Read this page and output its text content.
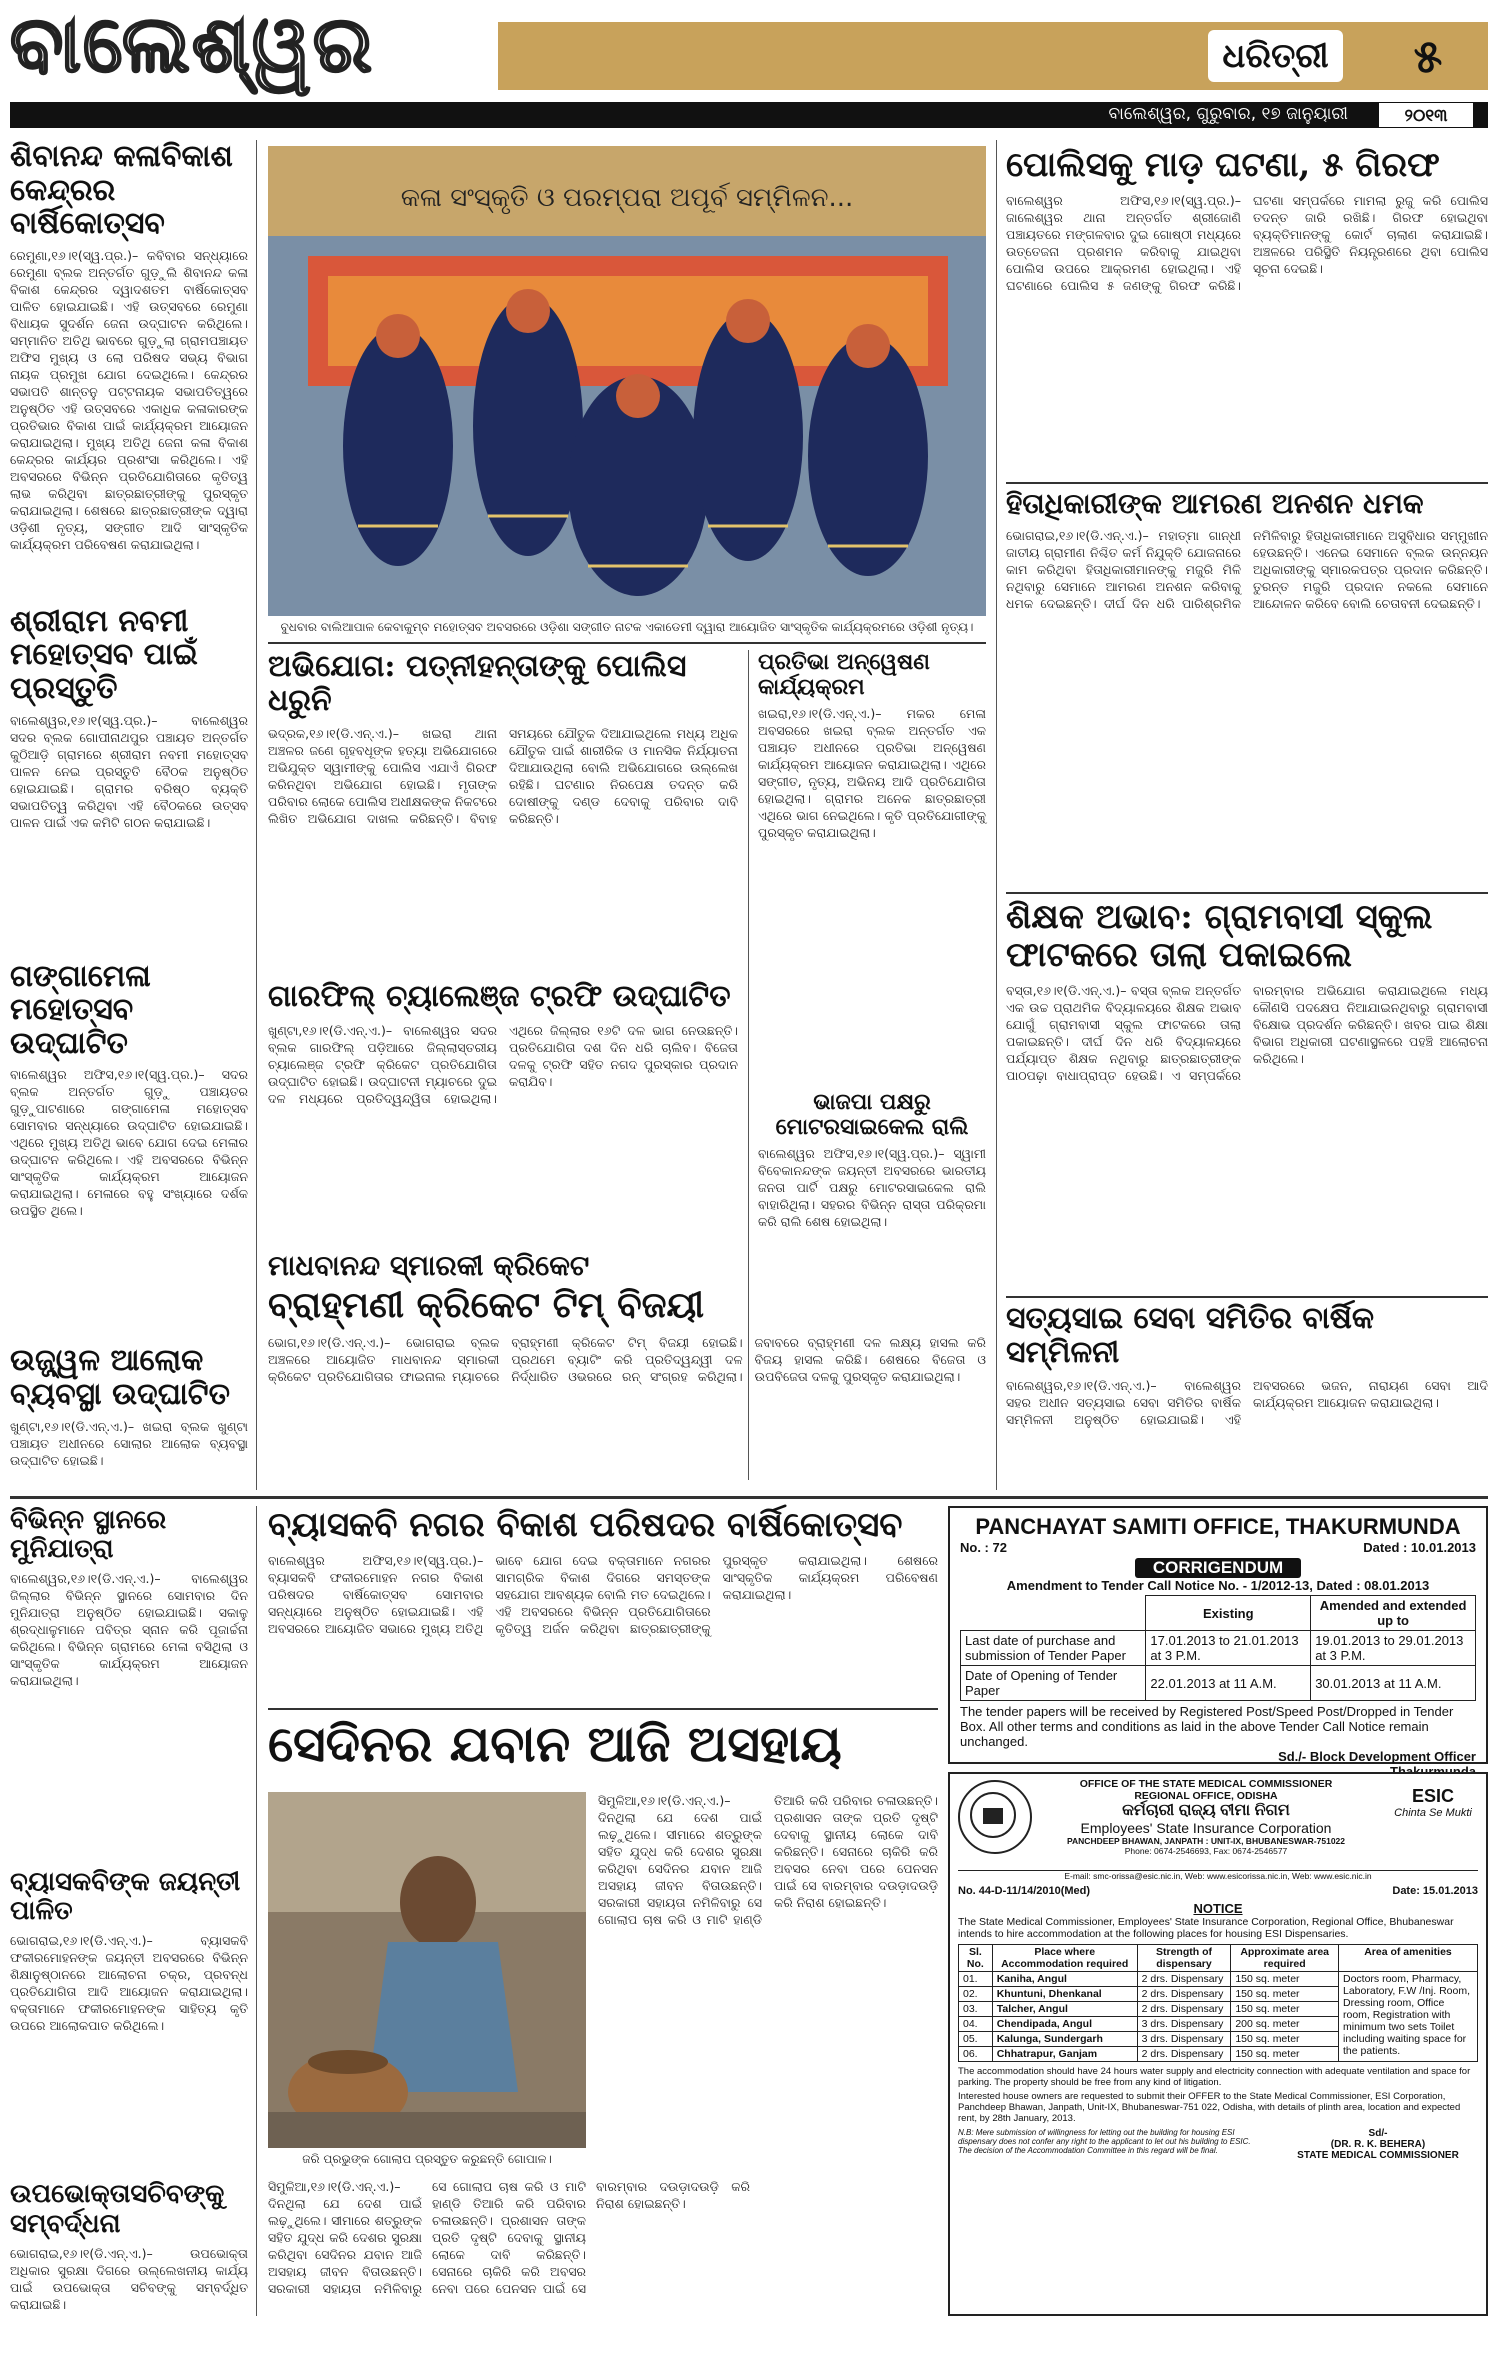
ବାଲେଶ୍ୱର	ଧରିତ୍ରୀ	୫
ବାଲେଶ୍ୱର, ଗୁରୁବାର, ୧୭ ଜାନୁୟାରୀ	୨୦୧୩
ଶିବାନନ୍ଦ କଳାବିକାଶ କେନ୍ଦ୍ରର ବାର୍ଷିକୋତ୍ସବ
ରେମୁଣା,୧୬।୧(ସ୍ୱ.ପ୍ର.)– କବିବାର ସନ୍ଧ୍ୟାରେ ରେମୁଣା ବ୍ଲକ ଅନ୍ତର୍ଗତ ଗୁଡ଼ୁଲି ଶିବାନନ୍ଦ କଳା ବିକାଶ କେନ୍ଦ୍ରର ଦ୍ୱାଦଶତମ ବାର୍ଷିକୋତ୍ସବ ପାଳିତ ହୋଇଯାଇଛି। ଏହି ଉତ୍ସବରେ ରେମୁଣା ବିଧାୟକ ସୁଦର୍ଶନ ଜେନା ଉଦ୍‌ଘାଟନ କରିଥିଲେ। ସମ୍ମାନିତ ଅତିଥି ଭାବରେ ଗୁଡ଼ୁଲା ଗ୍ରାମପଞ୍ଚାୟତ ଅଫିସ ମୁଖ୍ୟ ଓ ଲୋ ପରିଷଦ ସଭ୍ୟ ବିଭାଗ ନାୟକ ପ୍ରମୁଖ ଯୋଗ ଦେଇଥିଲେ। କେନ୍ଦ୍ରର ସଭାପତି ଶାନ୍ତନୁ ପଟ୍ଟନାୟକ ସଭାପତିତ୍ୱରେ ଅନୁଷ୍ଠିତ ଏହି ଉତ୍ସବରେ ଏକାଧିକ କଳାକାରଙ୍କ ପ୍ରତିଭାର ବିକାଶ ପାଇଁ କାର୍ଯ୍ୟକ୍ରମ ଆୟୋଜନ କରାଯାଇଥିଲା। ମୁଖ୍ୟ ଅତିଥି ଜେନା କଳା ବିକାଶ କେନ୍ଦ୍ରର କାର୍ଯ୍ୟର ପ୍ରଶଂସା କରିଥିଲେ। ଏହି ଅବସରରେ ବିଭିନ୍ନ ପ୍ରତିଯୋଗିତାରେ କୃତିତ୍ୱ ଲାଭ କରିଥିବା ଛାତ୍ରଛାତ୍ରୀଙ୍କୁ ପୁରସ୍କୃତ କରାଯାଇଥିଲା। ଶେଷରେ ଛାତ୍ରଛାତ୍ରୀଙ୍କ ଦ୍ୱାରା ଓଡ଼ିଶୀ ନୃତ୍ୟ, ସଙ୍ଗୀତ ଆଦି ସାଂସ୍କୃତିକ କାର୍ଯ୍ୟକ୍ରମ ପରିବେଷଣ କରାଯାଇଥିଲା।
ଶ୍ରୀରାମ ନବମୀ ମହୋତ୍ସବ ପାଇଁ ପ୍ରସ୍ତୁତି
ବାଲେଶ୍ୱର,୧୬।୧(ସ୍ୱ.ପ୍ର.)– ବାଲେଶ୍ୱର ସଦର ବ୍ଲକ ଗୋପୀନାଥପୁର ପଞ୍ଚାୟତ ଅନ୍ତର୍ଗତ କୁଠିଆଡ଼ି ଗ୍ରାମରେ ଶ୍ରୀରାମ ନବମୀ ମହୋତ୍ସବ ପାଳନ ନେଇ ପ୍ରସ୍ତୁତି ବୈଠକ ଅନୁଷ୍ଠିତ ହୋଇଯାଇଛି। ଗ୍ରାମର ବରିଷ୍ଠ ବ୍ୟକ୍ତି ସଭାପତିତ୍ୱ କରିଥିବା ଏହି ବୈଠକରେ ଉତ୍ସବ ପାଳନ ପାଇଁ ଏକ କମିଟି ଗଠନ କରାଯାଇଛି।
ଗଙ୍ଗାମେଳା ମହୋତ୍ସବ ଉଦ୍‌ଘାଟିତ
ବାଲେଶ୍ୱର ଅଫିସ,୧୬।୧(ସ୍ୱ.ପ୍ର.)– ସଦର ବ୍ଲକ ଅନ୍ତର୍ଗତ ଗୁଡ଼ୁ ପଞ୍ଚାୟତର ଗୁଡ଼ୁପାଟଣାରେ ଗଙ୍ଗାମେଳା ମହୋତ୍ସବ ସୋମବାର ସନ୍ଧ୍ୟାରେ ଉଦ୍‌ଘାଟିତ ହୋଇଯାଇଛି। ଏଥିରେ ମୁଖ୍ୟ ଅତିଥି ଭାବେ ଯୋଗ ଦେଇ ମେଳାର ଉଦ୍‌ଘାଟନ କରିଥିଲେ। ଏହି ଅବସରରେ ବିଭିନ୍ନ ସାଂସ୍କୃତିକ କାର୍ଯ୍ୟକ୍ରମ ଆୟୋଜନ କରାଯାଇଥିଲା। ମେଳାରେ ବହୁ ସଂଖ୍ୟାରେ ଦର୍ଶକ ଉପସ୍ଥିତ ଥିଲେ।
ଉଜ୍ଜ୍ୱଳ ଆଲୋକ ବ୍ୟବସ୍ଥା ଉଦ୍‌ଘାଟିତ
ଖୁଣ୍ଟା,୧୬।୧(ଡି.ଏନ୍‌.ଏ.)– ଖଇରା ବ୍ଲକ ଖୁଣ୍ଟା ପଞ୍ଚାୟତ ଅଧୀନରେ ସୋଲାର ଆଲୋକ ବ୍ୟବସ୍ଥା ଉଦ୍‌ଘାଟିତ ହୋଇଛି।
କଳା ସଂସ୍କୃତି ଓ ପରମ୍ପରା ଅପୂର୍ବ ସମ୍ମିଳନ...
ବୁଧବାର ବାଲିଆପାଳ କେବାକୁମ୍ବ ମହୋତ୍ସବ ଅବସରରେ ଓଡ଼ିଶା ସଙ୍ଗୀତ ନାଟକ ଏକାଡେମୀ ଦ୍ୱାରା ଆୟୋଜିତ ସାଂସ୍କୃତିକ କାର୍ଯ୍ୟକ୍ରମରେ ଓଡ଼ିଶୀ ନୃତ୍ୟ।
ଅଭିଯୋଗ: ପତ୍ନୀହନ୍ତାଙ୍କୁ ପୋଲିସ ଧରୁନି
ଭଦ୍ରକ,୧୬।୧(ଡି.ଏନ୍‌.ଏ.)– ଖଇରା ଥାନା ଅଞ୍ଚଳର ଜଣେ ଗୃହବଧୂଙ୍କ ହତ୍ୟା ଅଭିଯୋଗରେ ଅଭିଯୁକ୍ତ ସ୍ୱାମୀଙ୍କୁ ପୋଲିସ ଏଯାଏଁ ଗିରଫ କରିନଥିବା ଅଭିଯୋଗ ହୋଇଛି। ମୃତାଙ୍କ ପରିବାର ଲୋକେ ପୋଲିସ ଅଧୀକ୍ଷକଙ୍କ ନିକଟରେ ଲିଖିତ ଅଭିଯୋଗ ଦାଖଲ କରିଛନ୍ତି। ବିବାହ ସମୟରେ ଯୌତୁକ ଦିଆଯାଇଥିଲେ ମଧ୍ୟ ଅଧିକ ଯୌତୁକ ପାଇଁ ଶାରୀରିକ ଓ ମାନସିକ ନିର୍ଯ୍ୟାତନା ଦିଆଯାଉଥିଲା ବୋଲି ଅଭିଯୋଗରେ ଉଲ୍ଲେଖ ରହିଛି। ଘଟଣାର ନିରପେକ୍ଷ ତଦନ୍ତ କରି ଦୋଷୀଙ୍କୁ ଦଣ୍ଡ ଦେବାକୁ ପରିବାର ଦାବି କରିଛନ୍ତି।
ପ୍ରତିଭା ଅନ୍ୱେଷଣ କାର୍ଯ୍ୟକ୍ରମ
ଖଇରା,୧୬।୧(ଡି.ଏନ୍‌.ଏ.)– ମକର ମେଳା ଅବସରରେ ଖଇରା ବ୍ଲକ ଅନ୍ତର୍ଗତ ଏକ ପଞ୍ଚାୟତ ଅଧୀନରେ ପ୍ରତିଭା ଅନ୍ୱେଷଣ କାର୍ଯ୍ୟକ୍ରମ ଆୟୋଜନ କରାଯାଇଥିଲା। ଏଥିରେ ସଙ୍ଗୀତ, ନୃତ୍ୟ, ଅଭିନୟ ଆଦି ପ୍ରତିଯୋଗିତା ହୋଇଥିଲା। ଗ୍ରାମର ଅନେକ ଛାତ୍ରଛାତ୍ରୀ ଏଥିରେ ଭାଗ ନେଇଥିଲେ। କୃତି ପ୍ରତିଯୋଗୀଙ୍କୁ ପୁରସ୍କୃତ କରାଯାଇଥିଲା।
ଗାରଫିଲ୍ ଚ୍ୟାଲେଞ୍ଜ ଟ୍ରଫି ଉଦ୍‌ଘାଟିତ
ଖୁଣ୍ଟା,୧୬।୧(ଡି.ଏନ୍‌.ଏ.)– ବାଲେଶ୍ୱର ସଦର ବ୍ଲକ ଗାରଫିଲ୍ ପଡ଼ିଆରେ ଜିଲ୍ଲାସ୍ତରୀୟ ଚ୍ୟାଲେଞ୍ଜ ଟ୍ରଫି କ୍ରିକେଟ ପ୍ରତିଯୋଗିତା ଉଦ୍‌ଘାଟିତ ହୋଇଛି। ଉଦ୍‌ଘାଟନୀ ମ୍ୟାଚରେ ଦୁଇ ଦଳ ମଧ୍ୟରେ ପ୍ରତିଦ୍ୱନ୍ଦ୍ୱିତା ହୋଇଥିଲା। ଏଥିରେ ଜିଲ୍ଲାର ୧୬ଟି ଦଳ ଭାଗ ନେଉଛନ୍ତି। ପ୍ରତିଯୋଗିତା ଦଶ ଦିନ ଧରି ଚାଲିବ। ବିଜେତା ଦଳକୁ ଟ୍ରଫି ସହିତ ନଗଦ ପୁରସ୍କାର ପ୍ରଦାନ କରାଯିବ।
ଭାଜପା ପକ୍ଷରୁ ମୋଟରସାଇକେଲ ରାଲି
ବାଲେଶ୍ୱର ଅଫିସ,୧୬।୧(ସ୍ୱ.ପ୍ର.)– ସ୍ୱାମୀ ବିବେକାନନ୍ଦଙ୍କ ଜୟନ୍ତୀ ଅବସରରେ ଭାରତୀୟ ଜନତା ପାର୍ଟି ପକ୍ଷରୁ ମୋଟରସାଇକେଲ ରାଲି ବାହାରିଥିଲା। ସହରର ବିଭିନ୍ନ ରାସ୍ତା ପରିକ୍ରମା କରି ରାଲି ଶେଷ ହୋଇଥିଲା।
ମାଧବାନନ୍ଦ ସ୍ମାରକୀ କ୍ରିକେଟ
ବ୍ରାହ୍ମଣୀ କ୍ରିକେଟ ଟିମ୍ ବିଜୟୀ
ଭୋଗ,୧୬।୧(ଡି.ଏନ୍‌.ଏ.)– ଭୋଗରାଇ ବ୍ଲକ ଅଞ୍ଚଳରେ ଆୟୋଜିତ ମାଧବାନନ୍ଦ ସ୍ମାରକୀ କ୍ରିକେଟ ପ୍ରତିଯୋଗିତାର ଫାଇନାଲ ମ୍ୟାଚରେ ବ୍ରାହ୍ମଣୀ କ୍ରିକେଟ ଟିମ୍ ବିଜୟୀ ହୋଇଛି। ପ୍ରଥମେ ବ୍ୟାଟିଂ କରି ପ୍ରତିଦ୍ୱନ୍ଦ୍ୱୀ ଦଳ ନିର୍ଦ୍ଧାରିତ ଓଭରରେ ରନ୍ ସଂଗ୍ରହ କରିଥିଲା। ଜବାବରେ ବ୍ରାହ୍ମଣୀ ଦଳ ଲକ୍ଷ୍ୟ ହାସଲ କରି ବିଜୟ ହାସଲ କରିଛି। ଶେଷରେ ବିଜେତା ଓ ଉପବିଜେତା ଦଳକୁ ପୁରସ୍କୃତ କରାଯାଇଥିଲା।
ପୋଲିସକୁ ମାଡ଼ ଘଟଣା, ୫ ଗିରଫ
ବାଲେଶ୍ୱର ଅଫିସ,୧୬।୧(ସ୍ୱ.ପ୍ର.)– ଜାଲେଶ୍ୱର ଥାନା ଅନ୍ତର୍ଗତ ଶ୍ରୀଜୋଣି ପଞ୍ଚାୟତରେ ମଙ୍ଗଳବାର ଦୁଇ ଗୋଷ୍ଠୀ ମଧ୍ୟରେ ଉତ୍ତେଜନା ପ୍ରଶମନ କରିବାକୁ ଯାଇଥିବା ପୋଲିସ ଉପରେ ଆକ୍ରମଣ ହୋଇଥିଲା। ଏହି ଘଟଣାରେ ପୋଲିସ ୫ ଜଣଙ୍କୁ ଗିରଫ କରିଛି। ଘଟଣା ସମ୍ପର୍କରେ ମାମଲା ରୁଜୁ କରି ପୋଲିସ ତଦନ୍ତ ଜାରି ରଖିଛି। ଗିରଫ ହୋଇଥିବା ବ୍ୟକ୍ତିମାନଙ୍କୁ କୋର୍ଟ ଚାଲାଣ କରାଯାଇଛି। ଅଞ୍ଚଳରେ ପରିସ୍ଥିତି ନିୟନ୍ତ୍ରଣରେ ଥିବା ପୋଲିସ ସୂଚନା ଦେଇଛି।
ହିତାଧିକାରୀଙ୍କ ଆମରଣ ଅନଶନ ଧମକ
ଭୋଗରାଇ,୧୬।୧(ଡି.ଏନ୍‌.ଏ.)– ମହାତ୍ମା ଗାନ୍ଧୀ ଜାତୀୟ ଗ୍ରାମୀଣ ନିଶ୍ଚିତ କର୍ମ ନିଯୁକ୍ତି ଯୋଜନାରେ କାମ କରିଥିବା ହିତାଧିକାରୀମାନଙ୍କୁ ମଜୁରି ମିଳି ନଥିବାରୁ ସେମାନେ ଆମରଣ ଅନଶନ କରିବାକୁ ଧମକ ଦେଇଛନ୍ତି। ଦୀର୍ଘ ଦିନ ଧରି ପାରିଶ୍ରମିକ ନମିଳିବାରୁ ହିତାଧିକାରୀମାନେ ଅସୁବିଧାର ସମ୍ମୁଖୀନ ହେଉଛନ୍ତି। ଏନେଇ ସେମାନେ ବ୍ଲକ ଉନ୍ନୟନ ଅଧିକାରୀଙ୍କୁ ସ୍ମାରକପତ୍ର ପ୍ରଦାନ କରିଛନ୍ତି। ତୁରନ୍ତ ମଜୁରି ପ୍ରଦାନ ନକଲେ ସେମାନେ ଆନ୍ଦୋଳନ କରିବେ ବୋଲି ଚେତାବନୀ ଦେଇଛନ୍ତି।
ଶିକ୍ଷକ ଅଭାବ: ଗ୍ରାମବାସୀ ସ୍କୁଲ ଫାଟକରେ ତାଲା ପକାଇଲେ
ବସ୍ତା,୧୬।୧(ଡି.ଏନ୍‌.ଏ.)– ବସ୍ତା ବ୍ଲକ ଅନ୍ତର୍ଗତ ଏକ ଉଚ୍ଚ ପ୍ରାଥମିକ ବିଦ୍ୟାଳୟରେ ଶିକ୍ଷକ ଅଭାବ ଯୋଗୁଁ ଗ୍ରାମବାସୀ ସ୍କୁଲ ଫାଟକରେ ତାଲା ପକାଇଛନ୍ତି। ଦୀର୍ଘ ଦିନ ଧରି ବିଦ୍ୟାଳୟରେ ପର୍ଯ୍ୟାପ୍ତ ଶିକ୍ଷକ ନଥିବାରୁ ଛାତ୍ରଛାତ୍ରୀଙ୍କ ପାଠପଢ଼ା ବାଧାପ୍ରାପ୍ତ ହେଉଛି। ଏ ସମ୍ପର୍କରେ ବାରମ୍ବାର ଅଭିଯୋଗ କରାଯାଇଥିଲେ ମଧ୍ୟ କୌଣସି ପଦକ୍ଷେପ ନିଆଯାଇନଥିବାରୁ ଗ୍ରାମବାସୀ ବିକ୍ଷୋଭ ପ୍ରଦର୍ଶନ କରିଛନ୍ତି। ଖବର ପାଇ ଶିକ୍ଷା ବିଭାଗ ଅଧିକାରୀ ଘଟଣାସ୍ଥଳରେ ପହଞ୍ଚି ଆଲୋଚନା କରିଥିଲେ।
ସତ୍ୟସାଇ ସେବା ସମିତିର ବାର୍ଷିକ ସମ୍ମିଳନୀ
ବାଲେଶ୍ୱର,୧୬।୧(ଡି.ଏନ୍‌.ଏ.)– ବାଲେଶ୍ୱର ସହର ଅଧୀନ ସତ୍ୟସାଇ ସେବା ସମିତିର ବାର୍ଷିକ ସମ୍ମିଳନୀ ଅନୁଷ୍ଠିତ ହୋଇଯାଇଛି। ଏହି ଅବସରରେ ଭଜନ, ନାରାୟଣ ସେବା ଆଦି କାର୍ଯ୍ୟକ୍ରମ ଆୟୋଜନ କରାଯାଇଥିଲା।
ବିଭିନ୍ନ ସ୍ଥାନରେ ମୁନିଯାତ୍ରା
ବାଲେଶ୍ୱର,୧୬।୧(ଡି.ଏନ୍‌.ଏ.)– ବାଲେଶ୍ୱର ଜିଲ୍ଲାର ବିଭିନ୍ନ ସ୍ଥାନରେ ସୋମବାର ଦିନ ମୁନିଯାତ୍ରା ଅନୁଷ୍ଠିତ ହୋଇଯାଇଛି। ସକାଳୁ ଶ୍ରଦ୍ଧାଳୁମାନେ ପବିତ୍ର ସ୍ନାନ କରି ପୂଜାର୍ଚ୍ଚନା କରିଥିଲେ। ବିଭିନ୍ନ ଗ୍ରାମରେ ମେଳା ବସିଥିଲା ଓ ସାଂସ୍କୃତିକ କାର୍ଯ୍ୟକ୍ରମ ଆୟୋଜନ କରାଯାଇଥିଲା।
ବ୍ୟାସକବିଙ୍କ ଜୟନ୍ତୀ ପାଳିତ
ଭୋଗରାଇ,୧୬।୧(ଡି.ଏନ୍‌.ଏ.)– ବ୍ୟାସକବି ଫକୀରମୋହନଙ୍କ ଜୟନ୍ତୀ ଅବସରରେ ବିଭିନ୍ନ ଶିକ୍ଷାନୁଷ୍ଠାନରେ ଆଲୋଚନା ଚକ୍ର, ପ୍ରବନ୍ଧ ପ୍ରତିଯୋଗିତା ଆଦି ଆୟୋଜନ କରାଯାଇଥିଲା। ବକ୍ତାମାନେ ଫକୀରମୋହନଙ୍କ ସାହିତ୍ୟ କୃତି ଉପରେ ଆଲୋକପାତ କରିଥିଲେ।
ଉପଭୋକ୍ତାସଚିବଙ୍କୁ ସମ୍ବର୍ଦ୍ଧନା
ଭୋଗରାଇ,୧୬।୧(ଡି.ଏନ୍‌.ଏ.)– ଉପଭୋକ୍ତା ଅଧିକାର ସୁରକ୍ଷା ଦିଗରେ ଉଲ୍ଲେଖନୀୟ କାର୍ଯ୍ୟ ପାଇଁ ଉପଭୋକ୍ତା ସଚିବଙ୍କୁ ସମ୍ବର୍ଦ୍ଧିତ କରାଯାଇଛି।
ବ୍ୟାସକବି ନଗର ବିକାଶ ପରିଷଦର ବାର୍ଷିକୋତ୍ସବ
ବାଲେଶ୍ୱର ଅଫିସ,୧୬।୧(ସ୍ୱ.ପ୍ର.)– ବ୍ୟାସକବି ଫକୀରମୋହନ ନଗର ବିକାଶ ପରିଷଦର ବାର୍ଷିକୋତ୍ସବ ସୋମବାର ସନ୍ଧ୍ୟାରେ ଅନୁଷ୍ଠିତ ହୋଇଯାଇଛି। ଏହି ଅବସରରେ ଆୟୋଜିତ ସଭାରେ ମୁଖ୍ୟ ଅତିଥି ଭାବେ ଯୋଗ ଦେଇ ବକ୍ତାମାନେ ନଗରର ସାମଗ୍ରିକ ବିକାଶ ଦିଗରେ ସମସ୍ତଙ୍କ ସହଯୋଗ ଆବଶ୍ୟକ ବୋଲି ମତ ଦେଇଥିଲେ। ଏହି ଅବସରରେ ବିଭିନ୍ନ ପ୍ରତିଯୋଗିତାରେ କୃତିତ୍ୱ ଅର୍ଜନ କରିଥିବା ଛାତ୍ରଛାତ୍ରୀଙ୍କୁ ପୁରସ୍କୃତ କରାଯାଇଥିଲା। ଶେଷରେ ସାଂସ୍କୃତିକ କାର୍ଯ୍ୟକ୍ରମ ପରିବେଷଣ କରାଯାଇଥିଲା।
ସେଦିନର ଯବାନ ଆଜି ଅସହାୟ
ଜରି ପ୍ରଭୁଙ୍କ ଗୋଲାପ ପ୍ରସ୍ତୁତ କରୁଛନ୍ତି ଗୋପାଳ।
ସିମୁଳିଆ,୧୬।୧(ଡି.ଏନ୍‌.ଏ.)– ଦିନଥିଲା ଯେ ଦେଶ ପାଇଁ ଲଢ଼ୁଥିଲେ। ସୀମାରେ ଶତ୍ରୁଙ୍କ ସହିତ ଯୁଦ୍ଧ କରି ଦେଶର ସୁରକ୍ଷା କରିଥିବା ସେଦିନର ଯବାନ ଆଜି ଅସହାୟ ଜୀବନ ବିତାଉଛନ୍ତି। ସରକାରୀ ସହାୟତା ନମିଳିବାରୁ ସେ ଗୋଲାପ ଚାଷ କରି ଓ ମାଟି ହାଣ୍ଡି ତିଆରି କରି ପରିବାର ଚଳାଉଛନ୍ତି। ପ୍ରଶାସନ ତାଙ୍କ ପ୍ରତି ଦୃଷ୍ଟି ଦେବାକୁ ସ୍ଥାନୀୟ ଲୋକେ ଦାବି କରିଛନ୍ତି। ସେନାରେ ଚାକିରି କରି ଅବସର ନେବା ପରେ ପେନସନ ପାଇଁ ସେ ବାରମ୍ବାର ଦଉଡ଼ାଦଉଡ଼ି କରି ନିରାଶ ହୋଇଛନ୍ତି।
ସିମୁଳିଆ,୧୬।୧(ଡି.ଏନ୍‌.ଏ.)– ଦିନଥିଲା ଯେ ଦେଶ ପାଇଁ ଲଢ଼ୁଥିଲେ। ସୀମାରେ ଶତ୍ରୁଙ୍କ ସହିତ ଯୁଦ୍ଧ କରି ଦେଶର ସୁରକ୍ଷା କରିଥିବା ସେଦିନର ଯବାନ ଆଜି ଅସହାୟ ଜୀବନ ବିତାଉଛନ୍ତି। ସରକାରୀ ସହାୟତା ନମିଳିବାରୁ ସେ ଗୋଲାପ ଚାଷ କରି ଓ ମାଟି ହାଣ୍ଡି ତିଆରି କରି ପରିବାର ଚଳାଉଛନ୍ତି। ପ୍ରଶାସନ ତାଙ୍କ ପ୍ରତି ଦୃଷ୍ଟି ଦେବାକୁ ସ୍ଥାନୀୟ ଲୋକେ ଦାବି କରିଛନ୍ତି। ସେନାରେ ଚାକିରି କରି ଅବସର ନେବା ପରେ ପେନସନ ପାଇଁ ସେ ବାରମ୍ବାର ଦଉଡ଼ାଦଉଡ଼ି କରି ନିରାଶ ହୋଇଛନ୍ତି।
PANCHAYAT SAMITI OFFICE, THAKURMUNDA
No. : 72	Dated : 10.01.2013
CORRIGENDUM
Amendment to Tender Call Notice No. - 1/2012-13, Dated : 08.01.2013
	Existing	Amended and extended up to
Last date of purchase and submission of Tender Paper	17.01.2013 to 21.01.2013 at 3 P.M.	19.01.2013 to 29.01.2013 at 3 P.M.
Date of Opening of Tender Paper	22.01.2013 at 11 A.M.	30.01.2013 at 11 A.M.
The tender papers will be received by Registered Post/Speed Post/Dropped in Tender Box. All other terms and conditions as laid in the above Tender Call Notice remain unchanged.
Sd./- Block Development Officer
OFFICE OF THE STATE MEDICAL COMMISSIONER
REGIONAL OFFICE, ODISHA
କର୍ମଚାରୀ ରାଜ୍ୟ ବୀମା ନିଗମ
Employees' State Insurance Corporation
PANCHDEEP BHAWAN, JANPATH : UNIT-IX, BHUBANESWAR-751022
Phone: 0674-2546693, Fax: 0674-2546577
ESIC
Chinta Se Mukti
E-mail: smc-orissa@esic.nic.in, Web: www.esicorissa.nic.in, Web: www.esic.nic.in
No. 44-D-11/14/2010(Med)	Date: 15.01.2013
NOTICE
The State Medical Commissioner, Employees' State Insurance Corporation, Regional Office, Bhubaneswar intends to hire accommodation at the following places for housing ESI Dispensaries.
Sl. No.	Place where Accommodation required	Strength of dispensary	Approximate area required	Area of amenities
01.	Kaniha, Angul	2 drs. Dispensary	150 sq. meter	Doctors room, Pharmacy, Laboratory, F.W /Inj. Room, Dressing room, Office room, Registration with minimum two sets Toilet including waiting space for the patients.
02.	Khuntuni, Dhenkanal	2 drs. Dispensary	150 sq. meter	
03.	Talcher, Angul	2 drs. Dispensary	150 sq. meter	
04.	Chendipada, Angul	3 drs. Dispensary	200 sq. meter	
05.	Kalunga, Sundergarh	3 drs. Dispensary	150 sq. meter	
06.	Chhatrapur, Ganjam	2 drs. Dispensary	150 sq. meter	
The accommodation should have 24 hours water supply and electricity connection with adequate ventilation and space for parking. The property should be free from any kind of litigation.
Interested house owners are requested to submit their OFFER to the State Medical Commissioner, ESI Corporation, Panchdeep Bhawan, Janpath, Unit-IX, Bhubaneswar-751 022, Odisha, with details of plinth area, location and expected rent, by 28th January, 2013.
N.B: Mere submission of willingness for letting out the building for housing ESI dispensary does not confer any right to the applicant to let out his building to ESIC. The decision of the Accommodation Committee in this regard will be final.
Sd/-
(DR. R. K. BEHERA)
STATE MEDICAL COMMISSIONER
